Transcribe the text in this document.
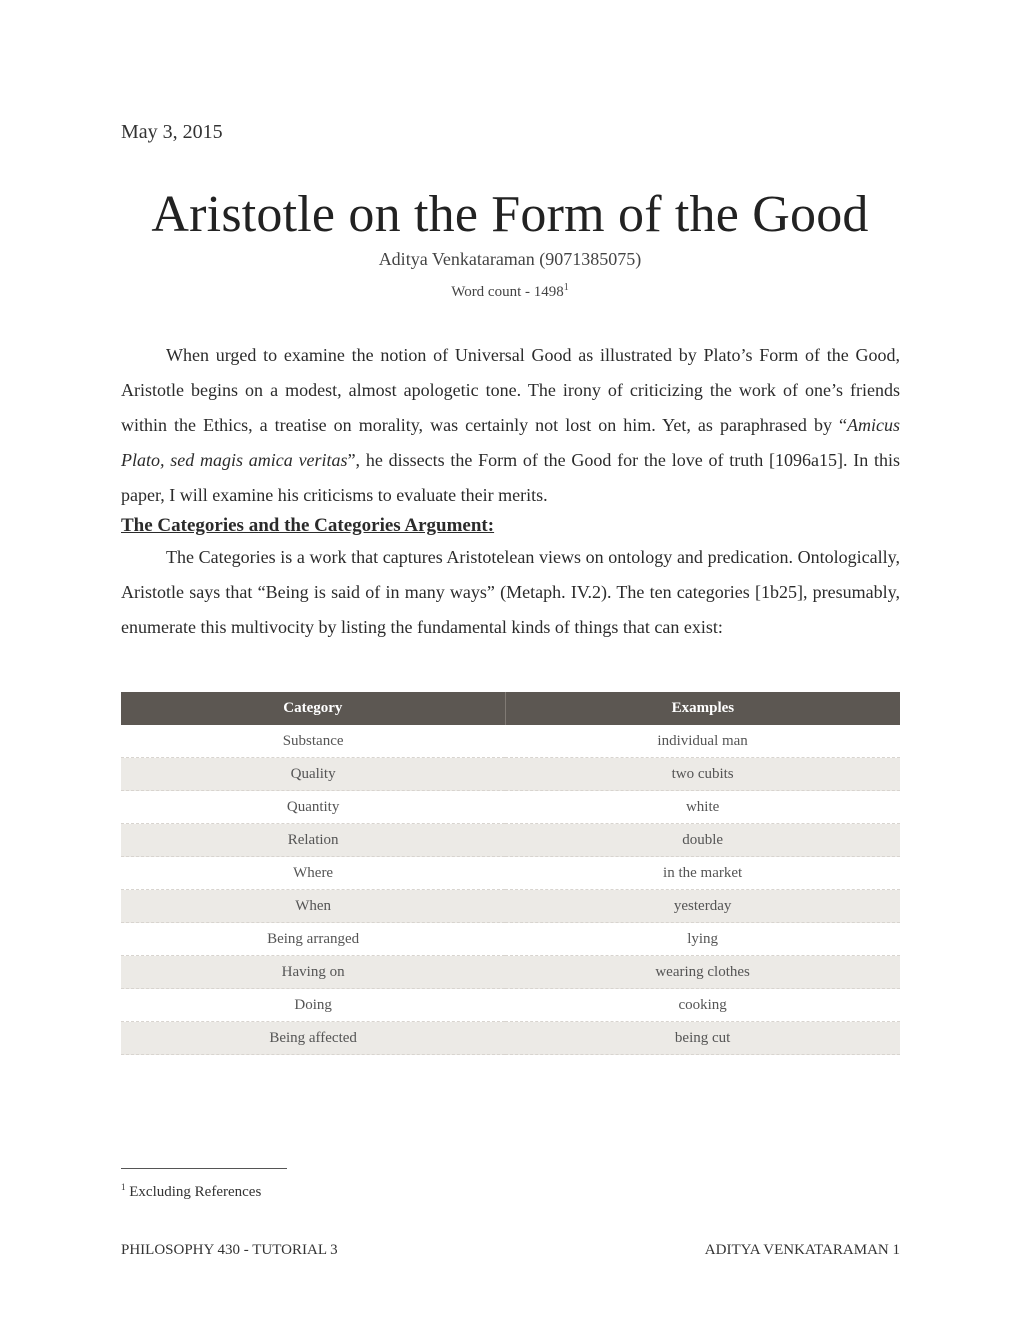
May 3, 2015
Aristotle on the Form of the Good
Aditya Venkataraman (9071385075)
Word count - 1498$^1$

When urged to examine the notion of Universal Good as illustrated by Plato’s Form of the Good, Aristotle begins on a modest, almost apologetic tone. The irony of criticizing the work of one’s friends within the Ethics, a treatise on morality, was certainly not lost on him. Yet, as paraphrased by “Amicus Plato, sed magis amica veritas”, he dissects the Form of the Good for the love of truth [1096a15]. In this paper, I will examine his criticisms to evaluate their merits.

The Categories and the Categories Argument:

The Categories is a work that captures Aristotelean views on ontology and predication. Ontologically, Aristotle says that “Being is said of in many ways” (Metaph. IV.2). The ten categories [1b25], presumably, enumerate this multivocity by listing the fundamental kinds of things that can exist:

Category	Examples
Substance	individual man
Quality	two cubits
Quantity	white
Relation	double
Where	in the market
When	yesterday
Being arranged	lying
Having on	wearing clothes
Doing	cooking
Being affected	being cut
$^1$ Excluding References
PHILOSOPHY 430 - TUTORIAL 3	ADITYA VENKATARAMAN 1
